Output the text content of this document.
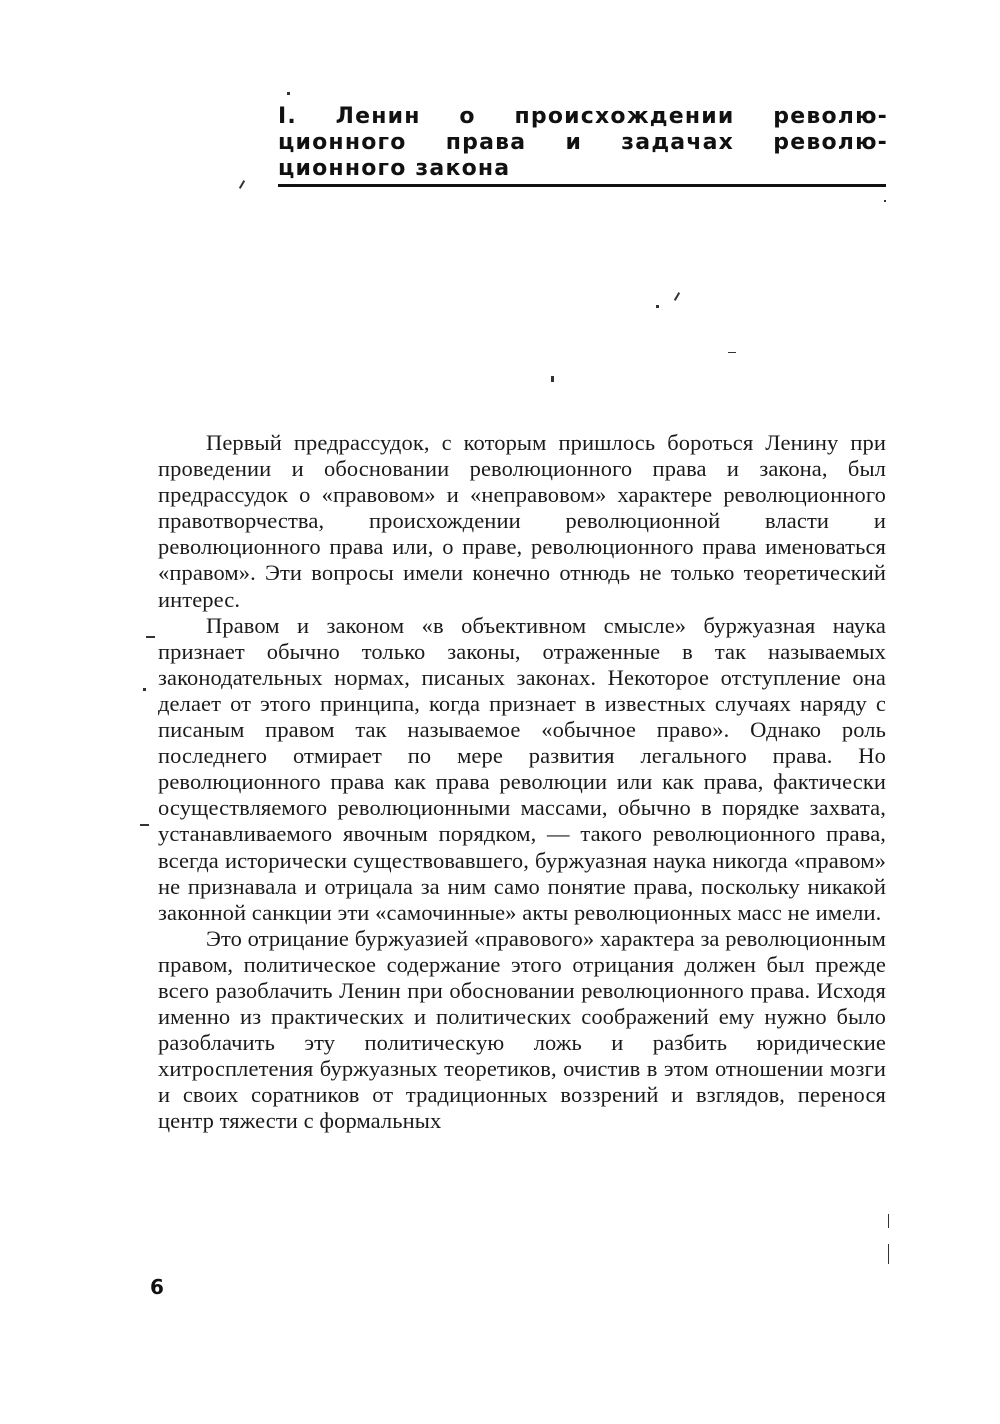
I. Ленин о происхождении револю-ционного права и задачах револю-ционного закона

Первый предрассудок, с которым пришлось бороться Ленину при проведении и обосновании революционного права и закона, был предрассудок о «правовом» и «неправовом» характере революционного правотворчества, происхождении революционной власти и революционного права или, о праве, революционного права именоваться «правом». Эти вопросы имели конечно отнюдь не только теоретический интерес.

Правом и законом «в объективном смысле» буржуазная наука признает обычно только законы, отраженные в так называемых законодательных нормах, писаных законах. Некоторое отступление она делает от этого принципа, когда признает в известных случаях наряду с писаным правом так называемое «обычное право». Однако роль последнего отмирает по мере развития легального права. Но революционного права как права революции или как права, фактически осуществляемого революционными массами, обычно в порядке захвата, устанавливаемого явочным порядком, — такого революционного права, всегда исторически существовавшего, буржуазная наука никогда «правом» не признавала и отрицала за ним само понятие права, поскольку никакой законной санкции эти «самочинные» акты революционных масс не имели.

Это отрицание буржуазией «правового» характера за революционным правом, политическое содержание этого отрицания должен был прежде всего разоблачить Ленин при обосновании революционного права. Исходя именно из практических и политических соображений ему нужно было разоблачить эту политическую ложь и разбить юридические хитросплетения буржуазных теоретиков, очистив в этом отношении мозги и своих соратников от традиционных воззрений и взглядов, перенося центр тяжести с формальных

6
